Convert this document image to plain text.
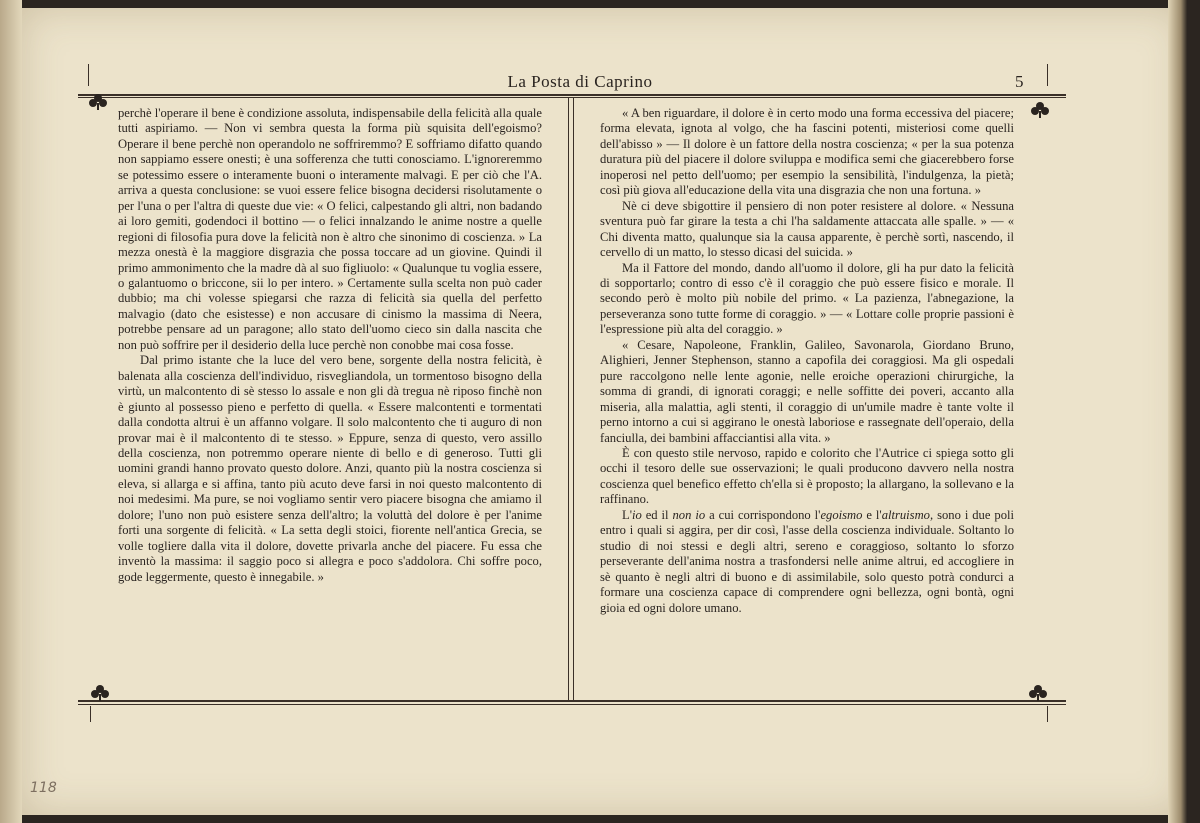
La Posta di Caprino	5

perchè l'operare il bene è condizione assoluta, indispensabile della felicità alla quale tutti aspiriamo. — Non vi sembra questa la forma più squisita dell'egoismo? Operare il bene perchè non operandolo ne soffriremmo? E soffriamo difatto quando non sappiamo essere onesti; è una sofferenza che tutti conosciamo. L'ignoreremmo se potessimo essere o interamente buoni o interamente malvagi. E per ciò che l'A. arriva a questa conclusione: se vuoi essere felice bisogna decidersi risolutamente o per l'una o per l'altra di queste due vie: « O felici, calpestando gli altri, non badando ai loro gemiti, godendoci il bottino — o felici innalzando le anime nostre a quelle regioni di filosofia pura dove la felicità non è altro che sinonimo di coscienza. » La mezza onestà è la maggiore disgrazia che possa toccare ad un giovine. Quindi il primo ammonimento che la madre dà al suo figliuolo: « Qualunque tu voglia essere, o galantuomo o briccone, sii lo per intero. » Certamente sulla scelta non può cader dubbio; ma chi volesse spiegarsi che razza di felicità sia quella del perfetto malvagio (dato che esistesse) e non accusare di cinismo la massima di Neera, potrebbe pensare ad un paragone; allo stato dell'uomo cieco sin dalla nascita che non può soffrire per il desiderio della luce perchè non conobbe mai cosa fosse.

Dal primo istante che la luce del vero bene, sorgente della nostra felicità, è balenata alla coscienza dell'individuo, risvegliandola, un tormentoso bisogno della virtù, un malcontento di sè stesso lo assale e non gli dà tregua nè riposo finchè non è giunto al possesso pieno e perfetto di quella. « Essere malcontenti e tormentati dalla condotta altrui è un affanno volgare. Il solo malcontento che ti auguro di non provar mai è il malcontento di te stesso. » Eppure, senza di questo, vero assillo della coscienza, non potremmo operare niente di bello e di generoso. Tutti gli uomini grandi hanno provato questo dolore. Anzi, quanto più la nostra coscienza si eleva, si allarga e si affina, tanto più acuto deve farsi in noi questo malcontento di noi medesimi. Ma pure, se noi vogliamo sentir vero piacere bisogna che amiamo il dolore; l'uno non può esistere senza dell'altro; la voluttà del dolore è per l'anime forti una sorgente di felicità. « La setta degli stoici, fiorente nell'antica Grecia, se volle togliere dalla vita il dolore, dovette privarla anche del piacere. Fu essa che inventò la massima: il saggio poco si allegra e poco s'addolora. Chi soffre poco, gode leggermente, questo è innegabile. »

« A ben riguardare, il dolore è in certo modo una forma eccessiva del piacere; forma elevata, ignota al volgo, che ha fascini potenti, misteriosi come quelli dell'abisso » — Il dolore è un fattore della nostra coscienza; « per la sua potenza duratura più del piacere il dolore sviluppa e modifica semi che giacerebbero forse inoperosi nel petto dell'uomo; per esempio la sensibilità, l'indulgenza, la pietà; così più giova all'educazione della vita una disgrazia che non una fortuna. »

Nè ci deve sbigottire il pensiero di non poter resistere al dolore. « Nessuna sventura può far girare la testa a chi l'ha saldamente attaccata alle spalle. » — « Chi diventa matto, qualunque sia la causa apparente, è perchè sortì, nascendo, il cervello di un matto, lo stesso dicasi del suicida. »

Ma il Fattore del mondo, dando all'uomo il dolore, gli ha pur dato la felicità di sopportarlo; contro di esso c'è il coraggio che può essere fisico e morale. Il secondo però è molto più nobile del primo. « La pazienza, l'abnegazione, la perseveranza sono tutte forme di coraggio. » — « Lottare colle proprie passioni è l'espressione più alta del coraggio. »

« Cesare, Napoleone, Franklin, Galileo, Savonarola, Giordano Bruno, Alighieri, Jenner Stephenson, stanno a capofila dei coraggiosi. Ma gli ospedali pure raccolgono nelle lente agonie, nelle eroiche operazioni chirurgiche, la somma di grandi, di ignorati coraggi; e nelle soffitte dei poveri, accanto alla miseria, alla malattia, agli stenti, il coraggio di un'umile madre è tante volte il perno intorno a cui si aggirano le onestà laboriose e rassegnate dell'operaio, della fanciulla, dei bambini affacciantisi alla vita. »

È con questo stile nervoso, rapido e colorito che l'Autrice ci spiega sotto gli occhi il tesoro delle sue osservazioni; le quali producono davvero nella nostra coscienza quel benefico effetto ch'ella si è proposto; la allargano, la sollevano e la raffinano.

L'io ed il non io a cui corrispondono l'egoismo e l'altruismo, sono i due poli entro i quali si aggira, per dir così, l'asse della coscienza individuale. Soltanto lo studio di noi stessi e degli altri, sereno e coraggioso, soltanto lo sforzo perseverante dell'anima nostra a trasfondersi nelle anime altrui, ed accogliere in sè quanto è negli altri di buono e di assimilabile, solo questo potrà condurci a formare una coscienza capace di comprendere ogni bellezza, ogni bontà, ogni gioia ed ogni dolore umano.

118
